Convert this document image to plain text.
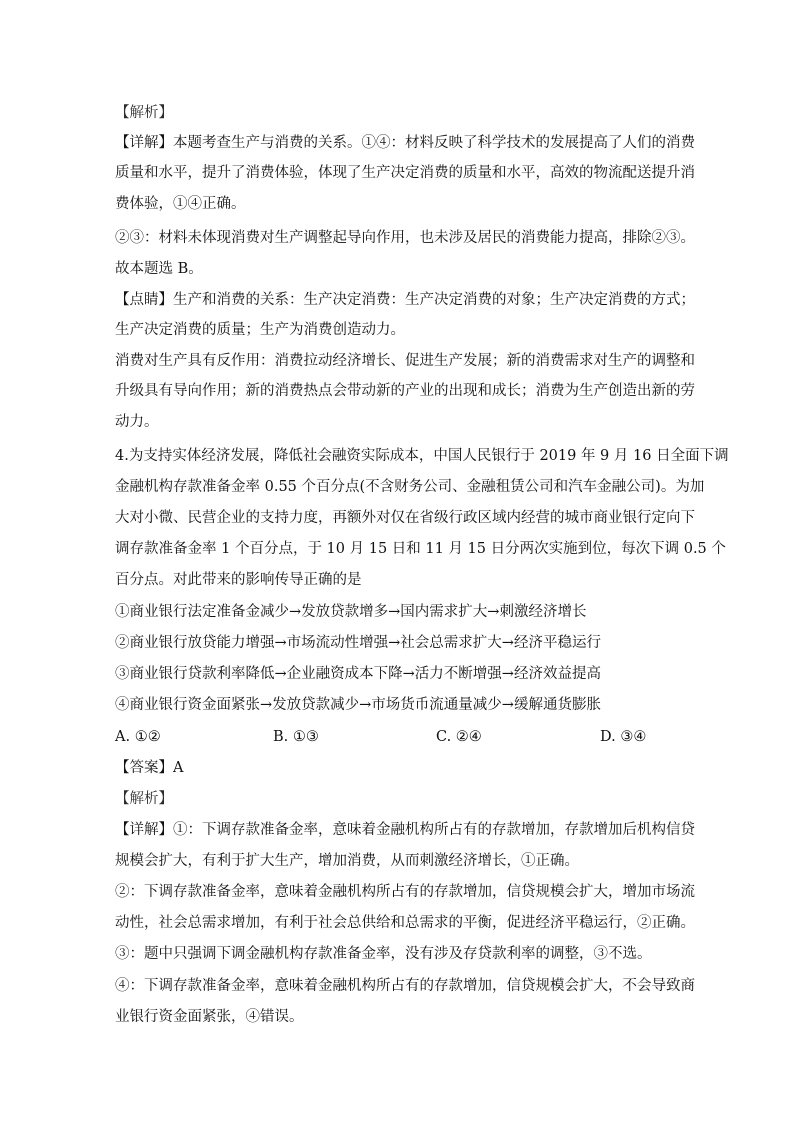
【解析】
【详解】本题考查生产与消费的关系。①④：材料反映了科学技术的发展提高了人们的消费
质量和水平，提升了消费体验，体现了生产决定消费的质量和水平，高效的物流配送提升消
费体验，①④正确。
②③：材料未体现消费对生产调整起导向作用，也未涉及居民的消费能力提高，排除②③。
故本题选 B。
【点睛】生产和消费的关系：生产决定消费：生产决定消费的对象；生产决定消费的方式；
生产决定消费的质量；生产为消费创造动力。
消费对生产具有反作用：消费拉动经济增长、促进生产发展；新的消费需求对生产的调整和
升级具有导向作用；新的消费热点会带动新的产业的出现和成长；消费为生产创造出新的劳
动力。
4.为支持实体经济发展，降低社会融资实际成本，中国人民银行于 2019 年 9 月 16 日全面下调
金融机构存款准备金率 0.55 个百分点(不含财务公司、金融租赁公司和汽车金融公司)。为加
大对小微、民营企业的支持力度，再额外对仅在省级行政区域内经营的城市商业银行定向下
调存款准备金率 1 个百分点，于 10 月 15 日和 11 月 15 日分两次实施到位，每次下调 0.5 个
百分点。对此带来的影响传导正确的是
①商业银行法定准备金减少→发放贷款增多→国内需求扩大→刺激经济增长
②商业银行放贷能力增强→市场流动性增强→社会总需求扩大→经济平稳运行
③商业银行贷款利率降低→企业融资成本下降→活力不断增强→经济效益提高
④商业银行资金面紧张→发放贷款减少→市场货币流通量减少→缓解通货膨胀
A. ①②	B. ①③	C. ②④	D. ③④
【答案】A
【解析】
【详解】①：下调存款准备金率，意味着金融机构所占有的存款增加，存款增加后机构信贷
规模会扩大，有利于扩大生产，增加消费，从而刺激经济增长，①正确。
②：下调存款准备金率，意味着金融机构所占有的存款增加，信贷规模会扩大，增加市场流
动性，社会总需求增加，有利于社会总供给和总需求的平衡，促进经济平稳运行，②正确。
③：题中只强调下调金融机构存款准备金率，没有涉及存贷款利率的调整，③不选。
④：下调存款准备金率，意味着金融机构所占有的存款增加，信贷规模会扩大，不会导致商
业银行资金面紧张，④错误。
